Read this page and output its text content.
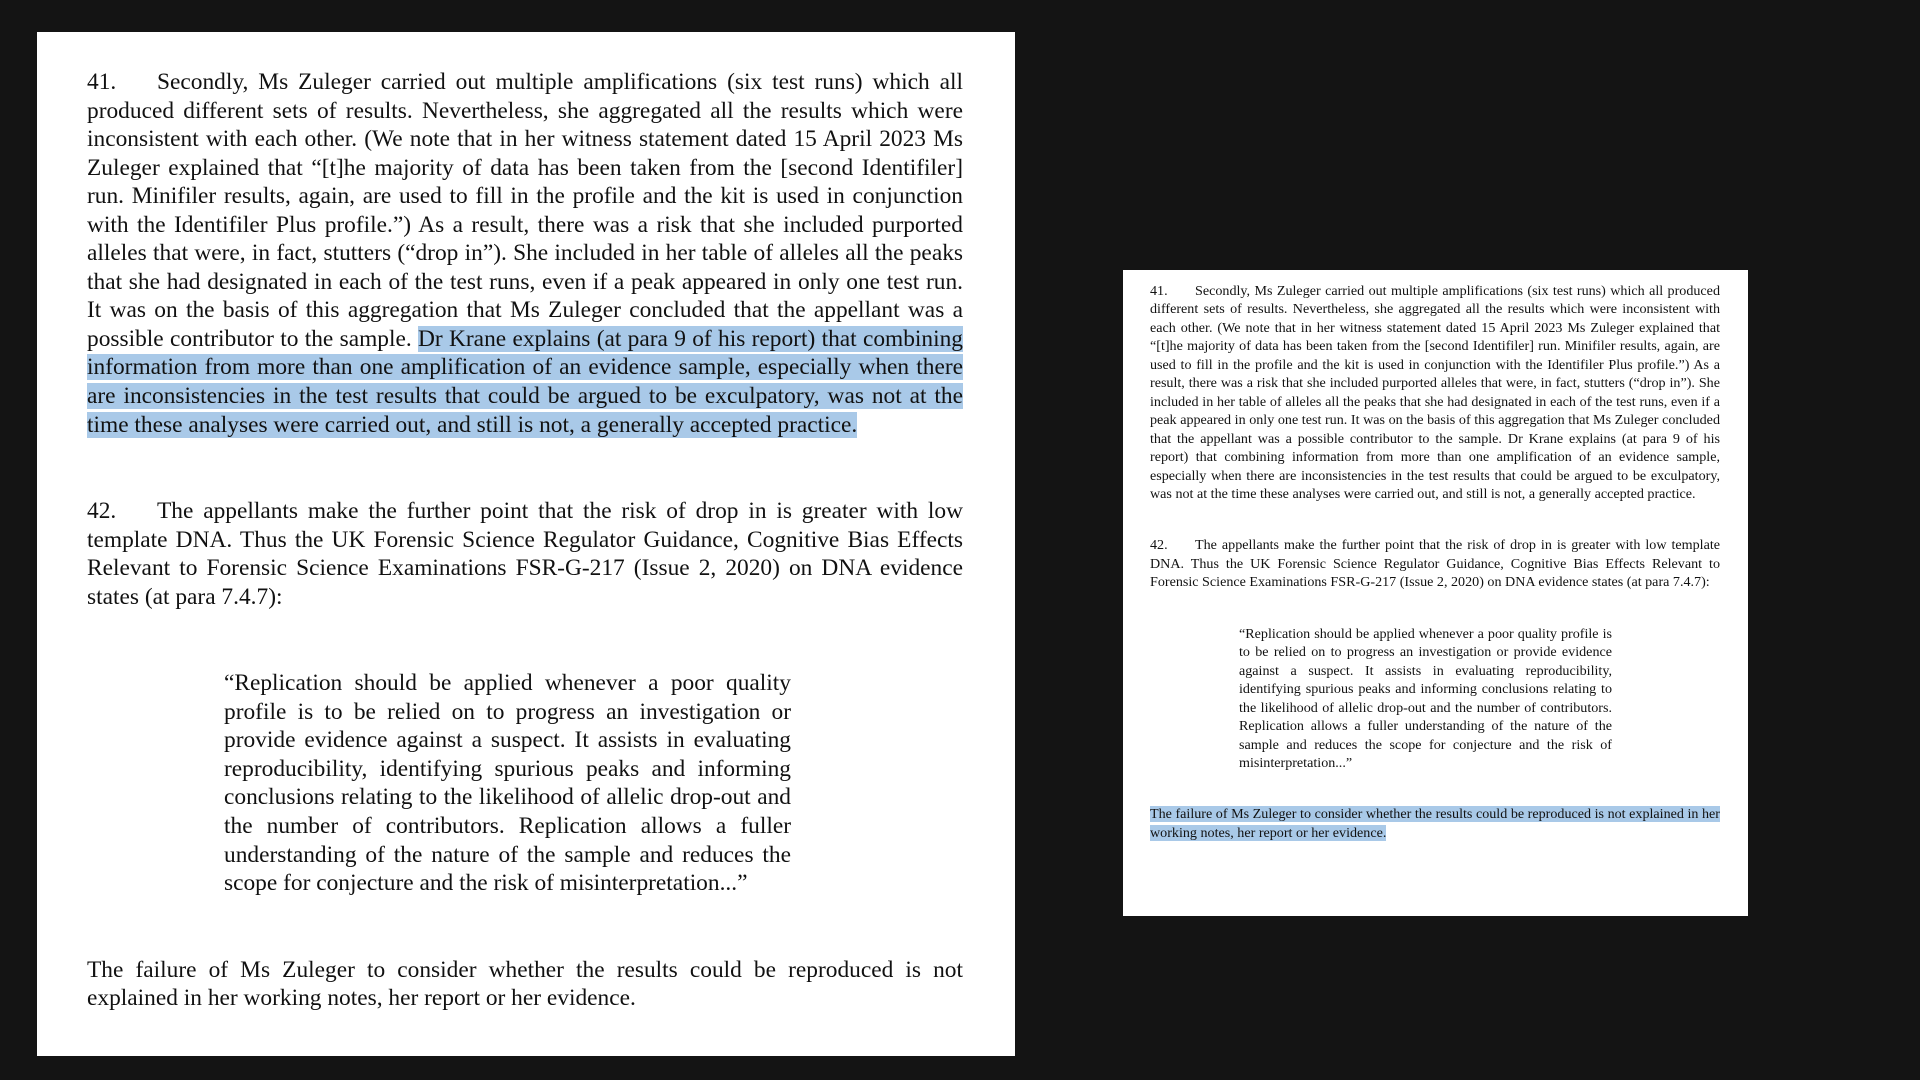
41. Secondly, Ms Zuleger carried out multiple amplifications (six test runs) which all produced different sets of results. Nevertheless, she aggregated all the results which were inconsistent with each other. (We note that in her witness statement dated 15 April 2023 Ms Zuleger explained that “[t]he majority of data has been taken from the [second Identifiler] run. Minifiler results, again, are used to fill in the profile and the kit is used in conjunction with the Identifiler Plus profile.”) As a result, there was a risk that she included purported alleles that were, in fact, stutters (“drop in”). She included in her table of alleles all the peaks that she had designated in each of the test runs, even if a peak appeared in only one test run. It was on the basis of this aggregation that Ms Zuleger concluded that the appellant was a possible contributor to the sample. Dr Krane explains (at para 9 of his report) that combining information from more than one amplification of an evidence sample, especially when there are inconsistencies in the test results that could be argued to be exculpatory, was not at the time these analyses were carried out, and still is not, a generally accepted practice.

42. The appellants make the further point that the risk of drop in is greater with low template DNA. Thus the UK Forensic Science Regulator Guidance, Cognitive Bias Effects Relevant to Forensic Science Examinations FSR-G-217 (Issue 2, 2020) on DNA evidence states (at para 7.4.7):

“Replication should be applied whenever a poor quality profile is to be relied on to progress an investigation or provide evidence against a suspect. It assists in evaluating reproducibility, identifying spurious peaks and informing conclusions relating to the likelihood of allelic drop-out and the number of contributors. Replication allows a fuller understanding of the nature of the sample and reduces the scope for conjecture and the risk of misinterpretation...”

The failure of Ms Zuleger to consider whether the results could be reproduced is not explained in her working notes, her report or her evidence.

41. Secondly, Ms Zuleger carried out multiple amplifications (six test runs) which all produced different sets of results. Nevertheless, she aggregated all the results which were inconsistent with each other. (We note that in her witness statement dated 15 April 2023 Ms Zuleger explained that “[t]he majority of data has been taken from the [second Identifiler] run. Minifiler results, again, are used to fill in the profile and the kit is used in conjunction with the Identifiler Plus profile.”) As a result, there was a risk that she included purported alleles that were, in fact, stutters (“drop in”). She included in her table of alleles all the peaks that she had designated in each of the test runs, even if a peak appeared in only one test run. It was on the basis of this aggregation that Ms Zuleger concluded that the appellant was a possible contributor to the sample. Dr Krane explains (at para 9 of his report) that combining information from more than one amplification of an evidence sample, especially when there are inconsistencies in the test results that could be argued to be exculpatory, was not at the time these analyses were carried out, and still is not, a generally accepted practice.

42. The appellants make the further point that the risk of drop in is greater with low template DNA. Thus the UK Forensic Science Regulator Guidance, Cognitive Bias Effects Relevant to Forensic Science Examinations FSR-G-217 (Issue 2, 2020) on DNA evidence states (at para 7.4.7):

“Replication should be applied whenever a poor quality profile is to be relied on to progress an investigation or provide evidence against a suspect. It assists in evaluating reproducibility, identifying spurious peaks and informing conclusions relating to the likelihood of allelic drop-out and the number of contributors. Replication allows a fuller understanding of the nature of the sample and reduces the scope for conjecture and the risk of misinterpretation...”

The failure of Ms Zuleger to consider whether the results could be reproduced is not explained in her working notes, her report or her evidence.
